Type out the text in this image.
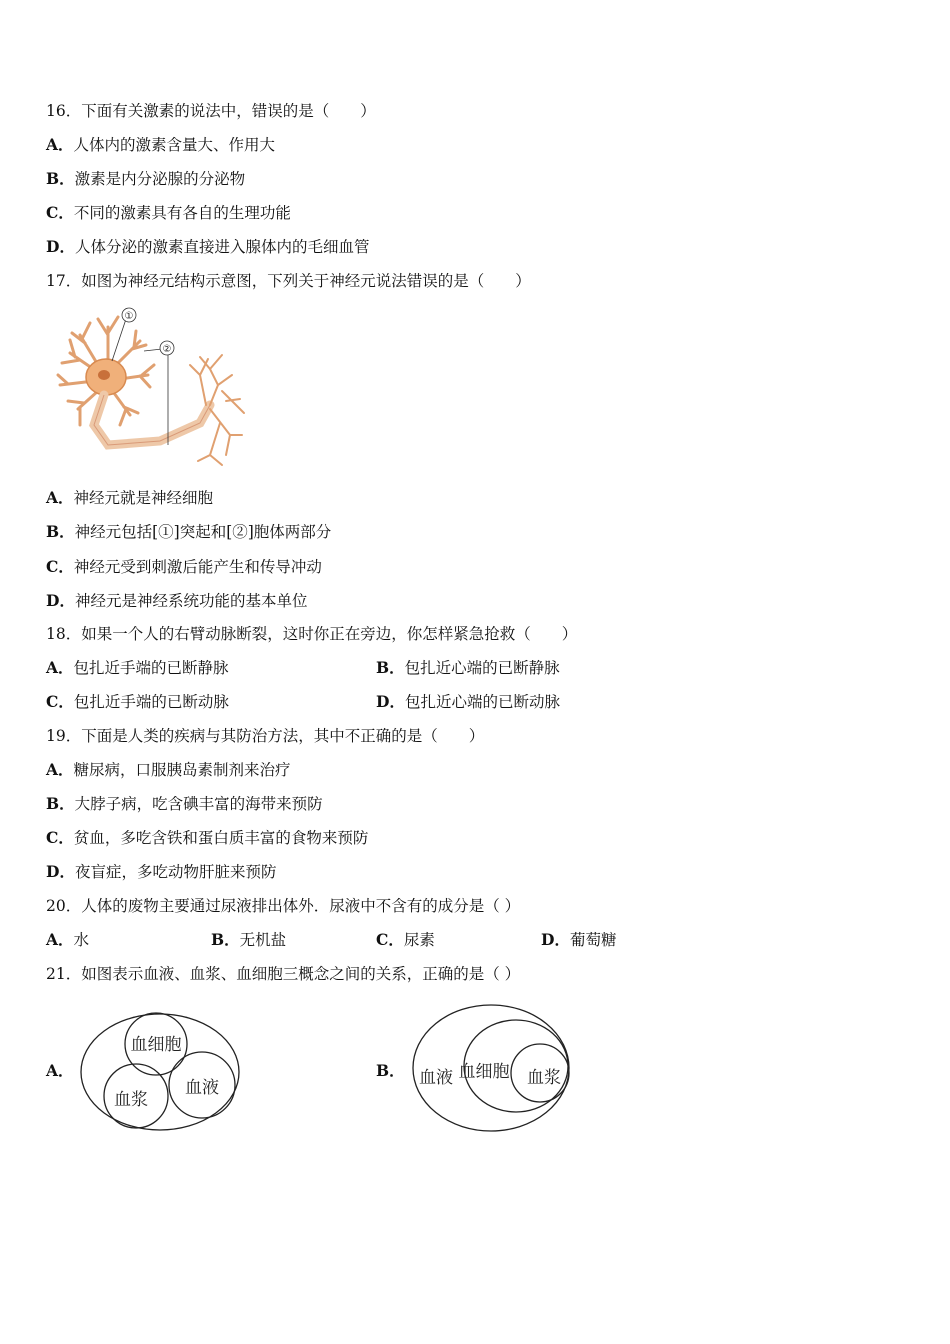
16．下面有关激素的说法中，错误的是（　　）
A．人体内的激素含量大、作用大
B．激素是内分泌腺的分泌物
C．不同的激素具有各自的生理功能
D．人体分泌的激素直接进入腺体内的毛细血管
17．如图为神经元结构示意图，下列关于神经元说法错误的是（　　）
①
②
A．神经元就是神经细胞
B．神经元包括[①]突起和[②]胞体两部分
C．神经元受到刺激后能产生和传导冲动
D．神经元是神经系统功能的基本单位
18．如果一个人的右臂动脉断裂，这时你正在旁边，你怎样紧急抢救（　　）
A．包扎近手端的已断静脉	B．包扎近心端的已断静脉
C．包扎近手端的已断动脉	D．包扎近心端的已断动脉
19．下面是人类的疾病与其防治方法，其中不正确的是（　　）
A．糖尿病，口服胰岛素制剂来治疗
B．大脖子病，吃含碘丰富的海带来预防
C．贫血，多吃含铁和蛋白质丰富的食物来预防
D．夜盲症，多吃动物肝脏来预防
20．人体的废物主要通过尿液排出体外．尿液中不含有的成分是（ ）
A．水	B．无机盐	C．尿素	D．葡萄糖
21．如图表示血液、血浆、血细胞三概念之间的关系，正确的是（ ）
A．
血细胞
血浆
血液
B． 血液 血细胞 血浆
